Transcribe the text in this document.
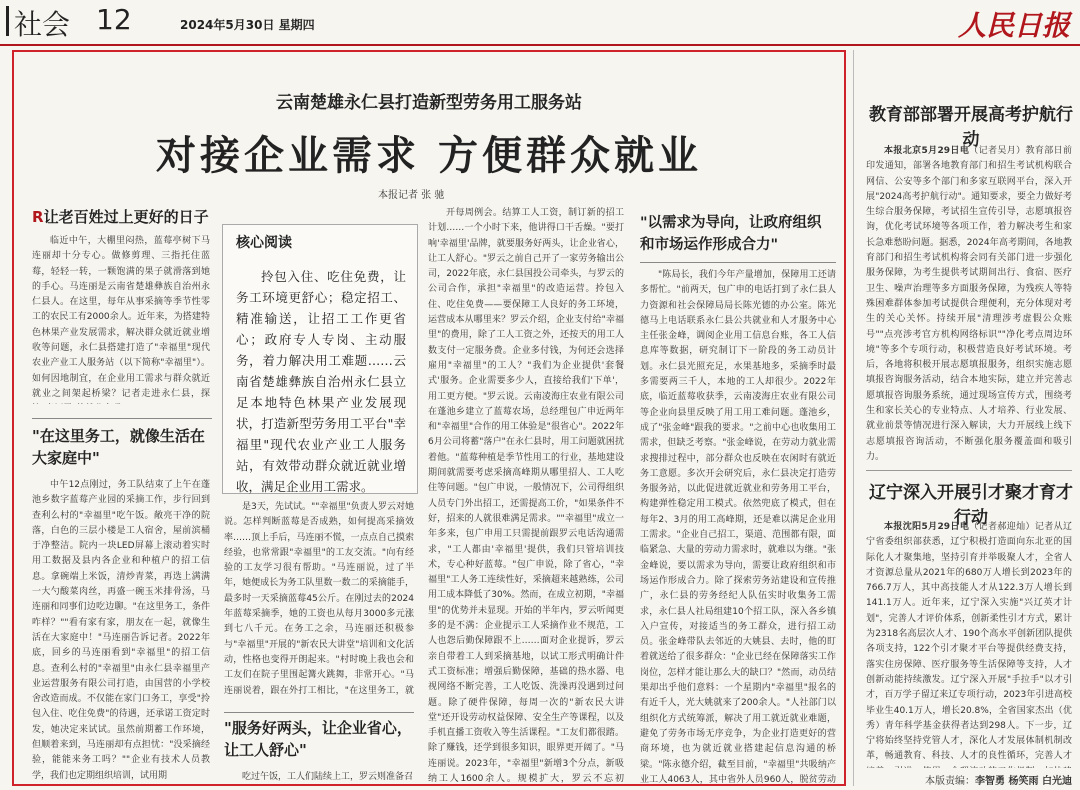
社会 12	2024年5月30日 星期四	人民日报
云南楚雄永仁县打造新型劳务用工服务站
对接企业需求 方便群众就业
本报记者 张 驰
R让老百姓过上更好的日子

临近中午，大棚里闷热，蓝莓亭树下马连丽却十分专心。做修剪理、三指托住蓝莓，轻轻一转，一颗饱满的果子就滑落到她的手心。马连丽是云南省楚雄彝族自治州永仁县人。在这里，每年从事采摘等季节性零工的农民工有2000余人。近年来，为搭建特色林果产业发展需求，解决群众就近就业增收等问题，永仁县搭建打造了"幸福里"现代农业产业工人服务站（以下简称"幸福里"）。如何因地制宜，在企业用工需求与群众就近就业之间架起桥梁？记者走进永仁县，探

"在这里务工，就像生活在大家庭中"

中午12点刚过，务工队结束了上午在蓬池乡数字蓝莓产业园的采摘工作，步行回到查利么村的"幸福里"吃午饭。敞亮干净的院落，白色的三层小楼是工人宿舍，屋前滨桶于净整洁。院内一块LED屏幕上滚动着实时用工数据及县内各企业和种植户的招工信息。拿碗端上米饭，清炒青菜，再选上满满一大勺酸菜肉丝，再盛一碗玉米排骨汤，马连丽和同事们边吃边聊。"在这里务工，条件咋样？""看有家有家，朋友在一起，就像生活在大家庭中！"马连丽告诉记者。2022年底，回乡的马连丽看到"幸福里"的招工信息。查利么村的"幸福里"由永仁县幸福里产业运营服务有限公司打造，由国营的小学校舍改造而成。不仅能在家门口务工，享受"拎包入住、吃住免费"的待遇，还承诺工资定时发，她决定来试试。虽然前期蓄工作环境，但顺着来到，马连丽却有点担忧："没采摘经验，能能来务工吗？""企业有技术人员教学，我们也定期组织培训，试用期

核心阅读
拎包入住、吃住免费，让务工环境更舒心；稳定招工、精准输送，让招工工作更省心；政府专人专岗、主动服务，着力解决用工难题……云南省楚雄彝族自治州永仁县立足本地特色林果产业发展现状，打造新型劳务用工平台"幸福里"现代农业产业工人服务站，有效带动群众就近就业增收，满足企业用工需求。

是3天，先试试。""幸福里"负责人罗云对她说。怎样判断蓝莓是否成熟，如何提高采摘效率……顶上手后，马连丽不慌，一点点自己摸索经验，也常常跟"幸福里"的工友交流。"向有经验的工友学习很有帮助。"马连丽说，过了半年，她便成长为务工队里数一数二的采摘能手，最多时一天采摘蓝莓45公斤。在刚过去的2024年蓝莓采摘季，她的工资也从每月3000多元涨到七八千元。在务工之余，马连丽还积极参与"幸福里"开展的"新农民大讲堂"培训和文化活动，性格也变得开朗起来。"村时晚上我也会和工友们在院子里围起篝火跳舞，非常开心。"马连丽说着，跟在外打工相比，"在这里务工，就

"服务好两头，让企业省心，让工人舒心"

吃过午饭，工人们陆续上工，罗云则准备召

开每周例会。结算工人工资，制订新的招工计划……一个小时下来，他讲得口干舌燥。"要打响'幸福里'品牌，就要服务好两头，让企业省心，让工人舒心。"罗云之前自己开了一家劳务输出公司，2022年底，永仁县国投公司牵头，与罗云的公司合作，承担"幸福里"的改造运营。拎包入住、吃住免费——要保障工人良好的务工环境，运营成本从哪里来？罗云介绍，企业支付给"幸福里"的费用，除了工人工资之外，还按天的用工人数支付一定服务费。企业多付钱，为何还会选择雇用"幸福里"的工人？"我们为企业提供'套餐式'服务。企业需要多少人，直接给我们'下单'，用工更方便。"罗云说。云南凌海庄农业有限公司在蓬池乡建立了蓝莓农场，总经理包广申近两年和"幸福里"合作的用工体验是"很省心"。2022年6月公司将蓄"落户"在永仁县时，用工问题就困扰着他。"蓝莓种植是季节性用工的行业，基地建设期间就需要考虑采摘高峰期从哪里招人、工人吃住等问题。"包广申说，一般情况下，公司得组织人员专门外出招工，还需提高工价，"如果条件不好，招来的人就很难满足需求。""幸福里"成立一年多来，包广申用工只需提前跟罗云电话沟通需求，"工人都由'幸福里'提供，我们只管培训技术，专心种好蓝莓。"包广申说，除了省心，"幸福里"工人务工连续性好，采摘超来越熟练，公司用工成本降低了30%。然而，在成立初期，"幸福里"的优势并未显现。开始的半年内，罗云听闻更多的是不满：企业提示工人采摘作业不规范，工人也怨后勤保障跟不上……面对企业提诉，罗云亲自带着工人到采摘基地，以试工形式明确计件式工资标准；增强后勤保障，基础的热水器、电视网络不断完善，工人吃饭、洗澡再没遇到过问题。除了硬件保障，每周一次的"新农民大讲堂"还开设劳动权益保障、安全生产等课程，以及手机直播工资收入等生活课程。"工友们都很踏。除了赚钱，还学到很多知识，眼界更开阔了。"马连丽说。2023年，"幸福里"新增3个分点，新吸纳工人1600余人。规模扩大，罗云不忘初

"以需求为导向，让政府组织和市场运作形成合力"

"陈局长，我们今年产量增加，保障用工还请多帮忙。"前两天，包广申的电话打到了永仁县人力资源和社会保障局局长陈光德的办公室。陈光德马上电话联系永仁县公共就业和人才服务中心主任张金峰，调阅企业用工信息台账，各工人信息库等数据，研究制订下一阶段的务工动员计划。永仁县光照充足，水果基地多，采摘季时最多需要两三千人，本地的工人却很少。2022年底，临近蓝莓收获季，云南凌海庄农业有限公司等企业向县里反映了用工用工难问题。蓬池乡，成了"张金峰"跟我的要求。"之前中心也收集用工需求，但缺乏考察。"张金峰说，在劳动力就业需求搜排过程中，部分群众也反映在农闲时有就近务工意愿。多次开会研究后，永仁县决定打造劳务服务站，以此促进就近就业和劳务用工平台，构建弹性稳定用工模式。依然兜底了模式，但在每年2、3月的用工高峰期，还是难以满足企业用工需求。"企业自己招工，渠道、范围都有限，面临紧急、大量的劳动力需求时，就难以为继。"张金峰说，要以需求为导向，需要让政府组织和市场运作形成合力。除了探索劳务站建设和宣传推广，永仁县的劳务经纪人队伍实时收集务工需求，永仁县人社局组建10个招工队，深入各乡镇入户宣传，对接适当的务工群众，进行招工动员。张金峰带队去邻近的大姚县、去时，他的盯着就送给了很多群众："企业已经在保障落实工作岗位，怎样才能让那么大的缺口？"然而，动员结果却出乎他们意料：一个星期内"幸福里"报名的有近千人，光大姚就来了200余人。"人社部门以组织化方式统筹派，解决了用工就近就业难题，避免了劳务市场无序竞争，为企业打造更好的营商环境，也为就近就业搭建起信息沟通的桥梁。"陈永德介绍，截至目前，"幸福里"共吸纳产业工人4063人，其中省外人员960人，脱贫劳动

教育部部署开展高考护航行动

本报北京5月29日电（记者吴月）教育部日前印发通知，部署各地教育部门和招生考试机构联合网信、公安等多个部门和多家互联网平台，深入开展"2024高考护航行动"。通知要求，要全力做好考生综合服务保障，考试招生宣传引导，志愿填报咨询，优化考试环境等各项工作，着力解决考生和家长急难愁盼问题。据悉，2024年高考期间，各地教育部门和招生考试机构将会同有关部门进一步强化服务保障，为考生提供考试期间出行、食宿、医疗卫生、噪声治理等多方面服务保障，为残疾人等特殊困难群体参加考试提供合理便利，充分体现对考生的关心关怀。持续开展"清理涉考虚假公众账号""点亮涉考官方机构网络标识""净化考点周边环境"等多个专项行动，积极营造良好考试环境。考后，各地将积极开展志愿填报服务，组织实施志愿填报咨询服务活动，结合本地实际，建立并完善志愿填报咨询服务系统，通过现场宣传方式，围绕考生和家长关心的专业特点、人才培养、行业发展、就业前景等情况进行深入解读，大力开展线上线下志愿填报咨询活动，不断强化服务覆盖面和吸引力。

辽宁深入开展引才聚才育才行动

本报沈阳5月29日电（记者郝迎灿）记者从辽宁省委组织部获悉，辽宁积极打造面向东北亚的国际化人才聚集地，坚持引育并举吸聚人才，全省人才资源总量从2021年的680万人增长到2023年的766.7万人，其中高技能人才从122.3万人增长到141.1万人。近年来，辽宁深入实施"兴辽英才计划"，完善人才评价体系，创新柔性引才方式，累计为2318名高层次人才、190个高水平创新团队提供各项支持，122个引才聚才平台等提供经费支持，落实住房保障、医疗服务等生活保障等支持，人才创新动能持续激发。辽宁深入开展"手拉手"以才引才，百万学子留辽来辽专项行动，2023年引进高校毕业生40.1万人，增长20.8%，全省国家杰出（优秀）青年科学基金获得者达到298人。下一步，辽宁将始终坚持党管人才，深化人才发展体制机制改革，畅通教育、科技、人才的良性循环，完善人才

本版责编：李智勇 杨笑雨 白光迪
